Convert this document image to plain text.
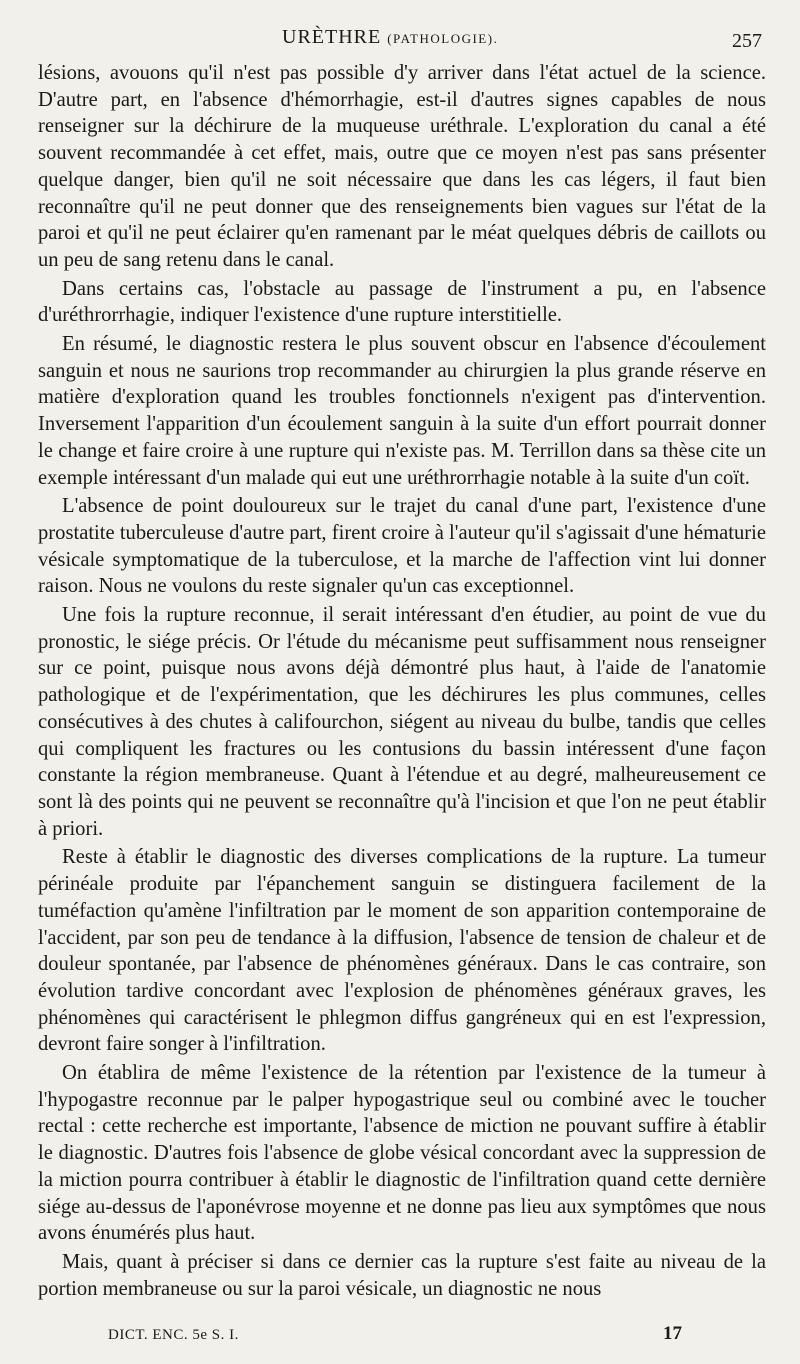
URÈTHRE (PATHOLOGIE).	257

lésions, avouons qu'il n'est pas possible d'y arriver dans l'état actuel de la science. D'autre part, en l'absence d'hémorrhagie, est-il d'autres signes capables de nous renseigner sur la déchirure de la muqueuse uréthrale. L'exploration du canal a été souvent recommandée à cet effet, mais, outre que ce moyen n'est pas sans présenter quelque danger, bien qu'il ne soit nécessaire que dans les cas légers, il faut bien reconnaître qu'il ne peut donner que des renseignements bien vagues sur l'état de la paroi et qu'il ne peut éclairer qu'en ramenant par le méat quelques débris de caillots ou un peu de sang retenu dans le canal.

Dans certains cas, l'obstacle au passage de l'instrument a pu, en l'absence d'uréthrorrhagie, indiquer l'existence d'une rupture interstitielle.

En résumé, le diagnostic restera le plus souvent obscur en l'absence d'écoulement sanguin et nous ne saurions trop recommander au chirurgien la plus grande réserve en matière d'exploration quand les troubles fonctionnels n'exigent pas d'intervention. Inversement l'apparition d'un écoulement sanguin à la suite d'un effort pourrait donner le change et faire croire à une rupture qui n'existe pas. M. Terrillon dans sa thèse cite un exemple intéressant d'un malade qui eut une uréthrorrhagie notable à la suite d'un coït.

L'absence de point douloureux sur le trajet du canal d'une part, l'existence d'une prostatite tuberculeuse d'autre part, firent croire à l'auteur qu'il s'agissait d'une hématurie vésicale symptomatique de la tuberculose, et la marche de l'affection vint lui donner raison. Nous ne voulons du reste signaler qu'un cas exceptionnel.

Une fois la rupture reconnue, il serait intéressant d'en étudier, au point de vue du pronostic, le siége précis. Or l'étude du mécanisme peut suffisamment nous renseigner sur ce point, puisque nous avons déjà démontré plus haut, à l'aide de l'anatomie pathologique et de l'expérimentation, que les déchirures les plus communes, celles consécutives à des chutes à califourchon, siégent au niveau du bulbe, tandis que celles qui compliquent les fractures ou les contusions du bassin intéressent d'une façon constante la région membraneuse. Quant à l'étendue et au degré, malheureusement ce sont là des points qui ne peuvent se reconnaître qu'à l'incision et que l'on ne peut établir à priori.

Reste à établir le diagnostic des diverses complications de la rupture. La tumeur périnéale produite par l'épanchement sanguin se distinguera facilement de la tuméfaction qu'amène l'infiltration par le moment de son apparition contemporaine de l'accident, par son peu de tendance à la diffusion, l'absence de tension de chaleur et de douleur spontanée, par l'absence de phénomènes généraux. Dans le cas contraire, son évolution tardive concordant avec l'explosion de phénomènes généraux graves, les phénomènes qui caractérisent le phlegmon diffus gangréneux qui en est l'expression, devront faire songer à l'infiltration.

On établira de même l'existence de la rétention par l'existence de la tumeur à l'hypogastre reconnue par le palper hypogastrique seul ou combiné avec le toucher rectal : cette recherche est importante, l'absence de miction ne pouvant suffire à établir le diagnostic. D'autres fois l'absence de globe vésical concordant avec la suppression de la miction pourra contribuer à établir le diagnostic de l'infiltration quand cette dernière siége au-dessus de l'aponévrose moyenne et ne donne pas lieu aux symptômes que nous avons énumérés plus haut.

Mais, quant à préciser si dans ce dernier cas la rupture s'est faite au niveau de la portion membraneuse ou sur la paroi vésicale, un diagnostic ne nous

DICT. ENC. 5e S. I.	17
